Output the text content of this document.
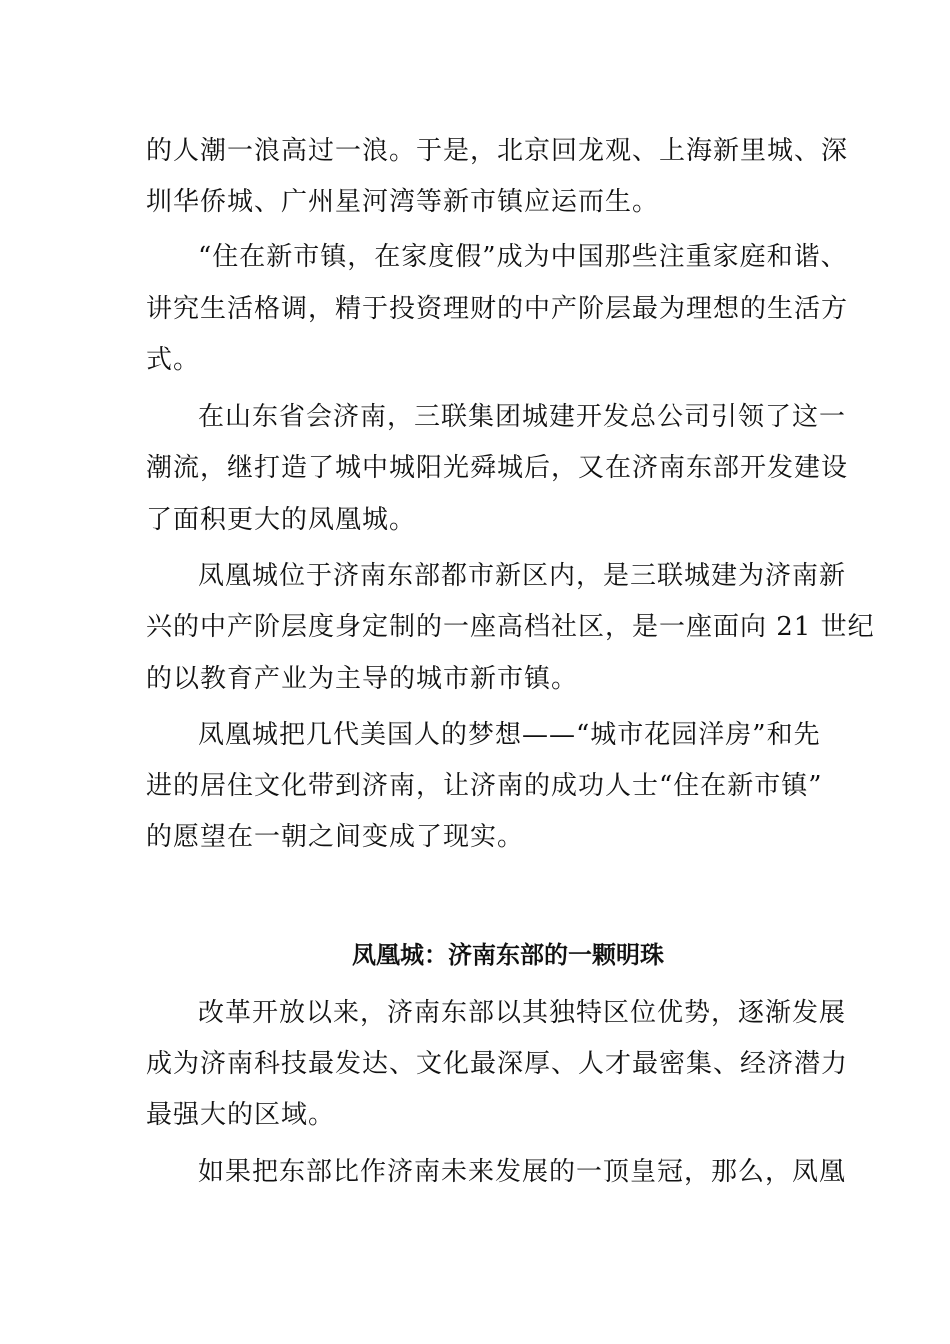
的人潮一浪高过一浪。于是，北京回龙观、上海新里城、深
圳华侨城、广州星河湾等新市镇应运而生。
“住在新市镇，在家度假”成为中国那些注重家庭和谐、
讲究生活格调，精于投资理财的中产阶层最为理想的生活方
式。
在山东省会济南，三联集团城建开发总公司引领了这一
潮流，继打造了城中城阳光舜城后，又在济南东部开发建设
了面积更大的凤凰城。
凤凰城位于济南东部都市新区内，是三联城建为济南新
兴的中产阶层度身定制的一座高档社区，是一座面向 21 世纪
的以教育产业为主导的城市新市镇。
凤凰城把几代美国人的梦想——“城市花园洋房”和先
进的居住文化带到济南，让济南的成功人士“住在新市镇”
的愿望在一朝之间变成了现实。
凤凰城：济南东部的一颗明珠
改革开放以来，济南东部以其独特区位优势，逐渐发展
成为济南科技最发达、文化最深厚、人才最密集、经济潜力
最强大的区域。
如果把东部比作济南未来发展的一顶皇冠，那么，凤凰
